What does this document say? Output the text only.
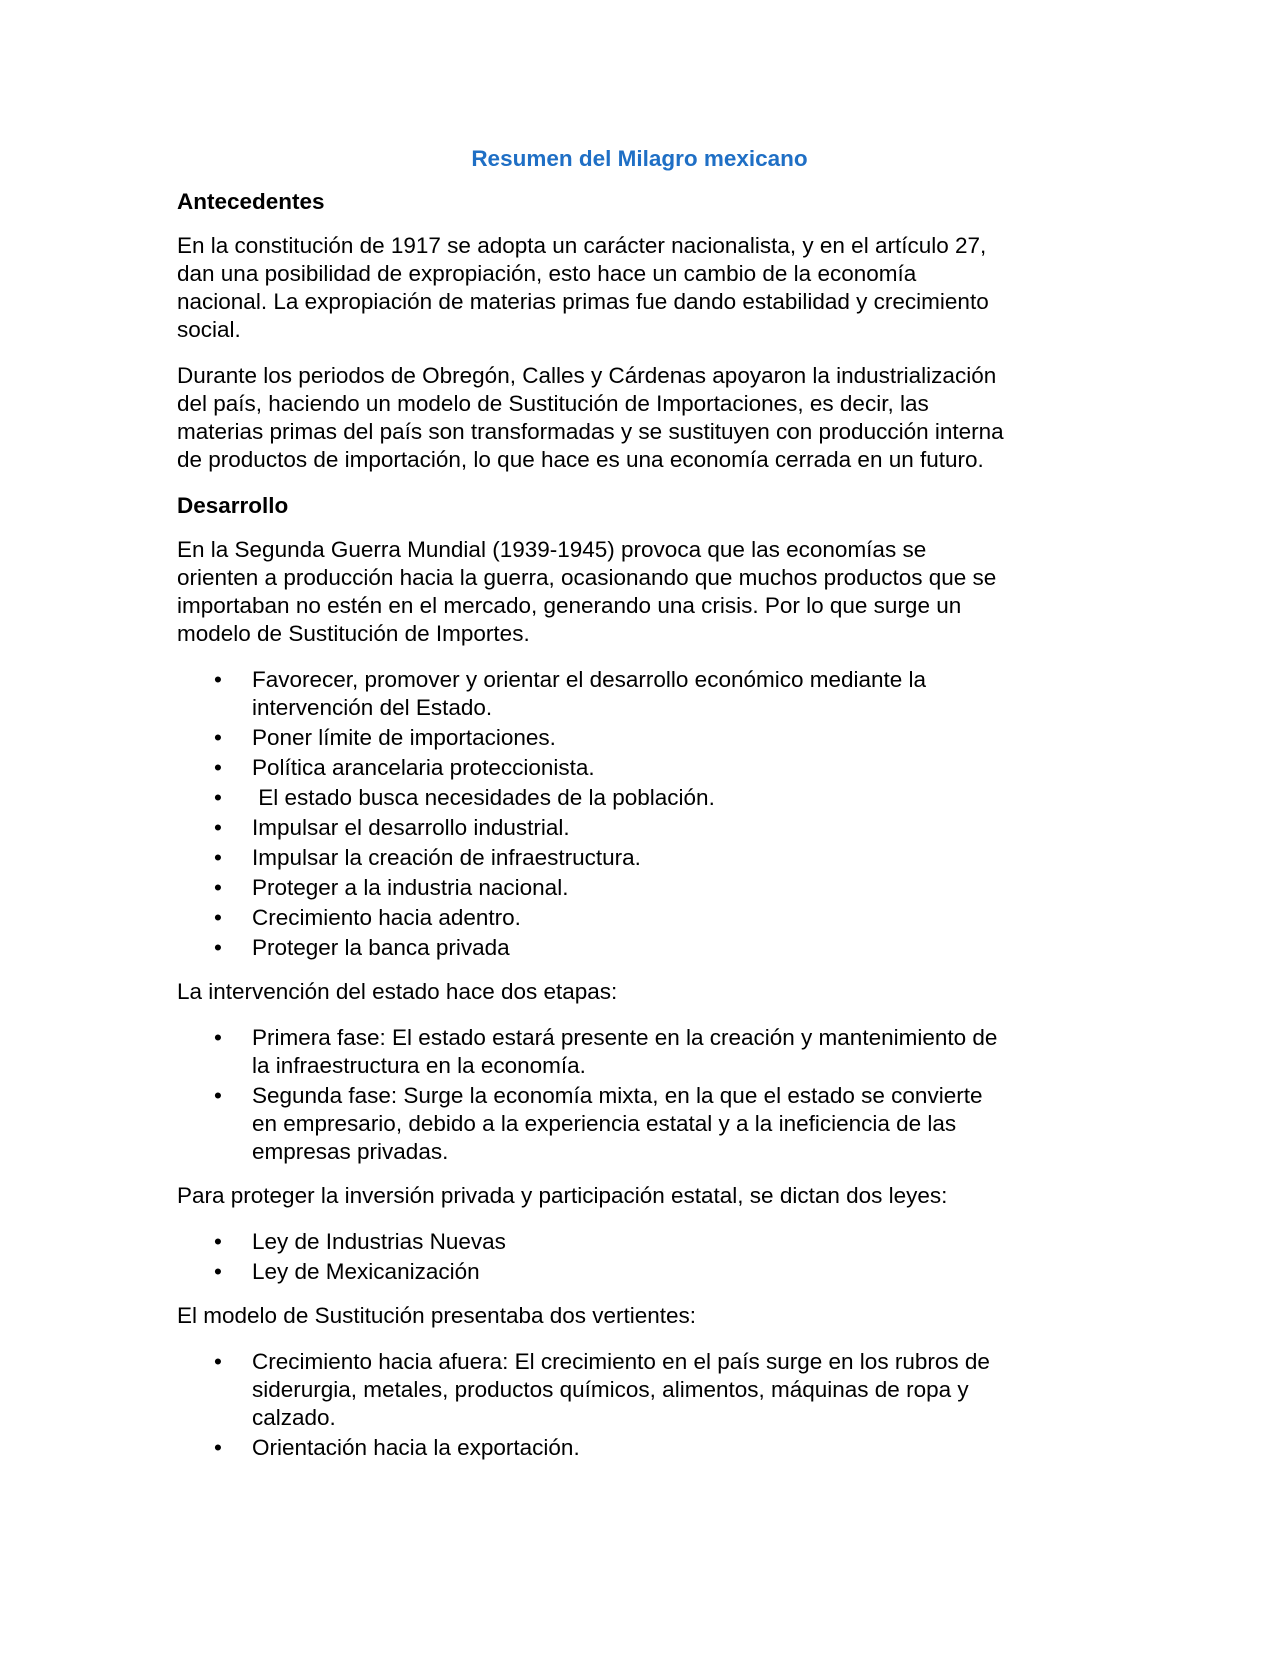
Resumen del Milagro mexicano
Antecedentes
En la constitución de 1917 se adopta un carácter nacionalista, y en el artículo 27,
dan una posibilidad de expropiación, esto hace un cambio de la economía
nacional. La expropiación de materias primas fue dando estabilidad y crecimiento
social.
Durante los periodos de Obregón, Calles y Cárdenas apoyaron la industrialización
del país, haciendo un modelo de Sustitución de Importaciones, es decir, las
materias primas del país son transformadas y se sustituyen con producción interna
de productos de importación, lo que hace es una economía cerrada en un futuro.
Desarrollo
En la Segunda Guerra Mundial (1939-1945) provoca que las economías se
orienten a producción hacia la guerra, ocasionando que muchos productos que se
importaban no estén en el mercado, generando una crisis. Por lo que surge un
modelo de Sustitución de Importes.
• Favorecer, promover y orientar el desarrollo económico mediante la
intervención del Estado.
• Poner límite de importaciones.
• Política arancelaria proteccionista.
• El estado busca necesidades de la población.
• Impulsar el desarrollo industrial.
• Impulsar la creación de infraestructura.
• Proteger a la industria nacional.
• Crecimiento hacia adentro.
• Proteger la banca privada
La intervención del estado hace dos etapas:
• Primera fase: El estado estará presente en la creación y mantenimiento de
la infraestructura en la economía.
• Segunda fase: Surge la economía mixta, en la que el estado se convierte
en empresario, debido a la experiencia estatal y a la ineficiencia de las
empresas privadas.
Para proteger la inversión privada y participación estatal, se dictan dos leyes:
• Ley de Industrias Nuevas
• Ley de Mexicanización
El modelo de Sustitución presentaba dos vertientes:
• Crecimiento hacia afuera: El crecimiento en el país surge en los rubros de
siderurgia, metales, productos químicos, alimentos, máquinas de ropa y
calzado.
• Orientación hacia la exportación.
